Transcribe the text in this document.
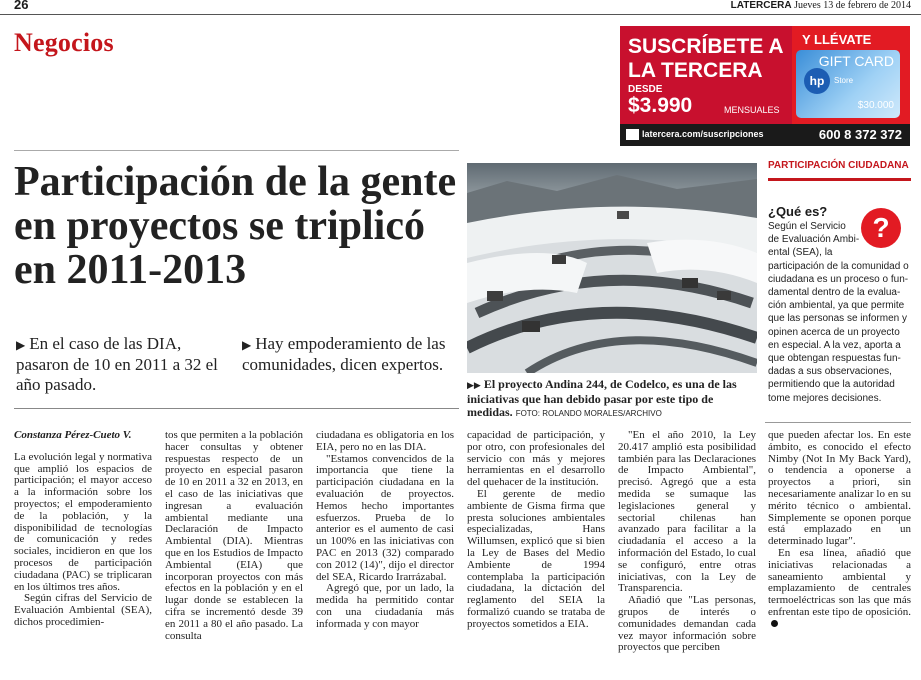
26	LATERCERA Jueves 13 de febrero de 2014
Negocios	SUSCRÍBETE A
LA TERCERA
DESDE
$3.990	MENSUALES
Y LLÉVATE
hp	Store
GIFT CARD
$30.000
latercera.com/suscripciones	600 8 372 372
Participación de la gente en proyectos se triplicó en 2011-2013
▶ En el caso de las DIA, pasaron de 10 en 2011 a 32 el año pasado.
▶ Hay empoderamiento de las comunidades, dicen expertos.
▶▶ El proyecto Andina 244, de Codelco, es una de las iniciativas que han debido pasar por este tipo de medidas. FOTO: ROLANDO MORALES/ARCHIVO
PARTICIPACIÓN CIUDADANA
¿Qué es?
?
Según el Servicio
de Evaluación Ambi-
ental (SEA), la
participación de la comunidad o
ciudadana es un proceso o fun-
damental dentro de la evalua-
ción ambiental, ya que permite
que las personas se informen y
opinen acerca de un proyecto
en especial. A la vez, aporta a
que obtengan respuestas fun-
dadas a sus observaciones,
permitiendo que la autoridad
tome mejores decisiones.

Constanza Pérez-Cueto V.

La evolución legal y normativa que amplió los espacios de participación; el mayor acceso a la información sobre los proyectos; el empoderamiento de la población, y la disponibilidad de tecnologías de comunicación y redes sociales, incidieron en que los procesos de participación ciudadana (PAC) se triplicaran en los últimos tres años.

Según cifras del Servicio de Evaluación Ambiental (SEA), dichos procedimien-

tos que permiten a la población hacer consultas y obtener respuestas respecto de un proyecto en especial pasaron de 10 en 2011 a 32 en 2013, en el caso de las iniciativas que ingresan a evaluación ambiental mediante una Declaración de Impacto Ambiental (DIA). Mientras que en los Estudios de Impacto Ambiental (EIA) que incorporan proyectos con más efectos en la población y en el lugar donde se establecen la cifra se incrementó desde 39 en 2011 a 80 el año pasado. La consulta

ciudadana es obligatoria en los EIA, pero no en las DIA.

"Estamos convencidos de la importancia que tiene la participación ciudadana en la evaluación de proyectos. Hemos hecho importantes esfuerzos. Prueba de lo anterior es el aumento de casi un 100% en las iniciativas con PAC en 2013 (32) comparado con 2012 (14)", dijo el director del SEA, Ricardo Irarrázabal.

Agregó que, por un lado, la medida ha permitido contar con una ciudadanía más informada y con mayor

capacidad de participación, y por otro, con profesionales del servicio con más y mejores herramientas en el desarrollo del quehacer de la institución.

El gerente de medio ambiente de Gisma firma que presta soluciones ambientales especializadas, Hans Willumsen, explicó que si bien la Ley de Bases del Medio Ambiente de 1994 contemplaba la participación ciudadana, la dictación del reglamento del SEIA la formalizó cuando se trataba de proyectos sometidos a EIA.

"En el año 2010, la Ley 20.417 amplió esta posibilidad también para las Declaraciones de Impacto Ambiental", precisó. Agregó que a esta medida se sumaque las legislaciones general y sectorial chilenas han avanzado para facilitar a la ciudadanía el acceso a la información del Estado, lo cual se configuró, entre otras iniciativas, con la Ley de Transparencia.

Añadió que "Las personas, grupos de interés o comunidades demandan cada vez mayor información sobre proyectos que perciben

que pueden afectar los. En este ámbito, es conocido el efecto Nimby (Not In My Back Yard), o tendencia a oponerse a proyectos a priori, sin necesariamente analizar lo en su mérito técnico o ambiental. Simplemente se oponen porque está emplazado en un determinado lugar".

En esa línea, añadió que iniciativas relacionadas a saneamiento ambiental y emplazamiento de centrales termoeléctricas son las que más enfrentan este tipo de oposición.
